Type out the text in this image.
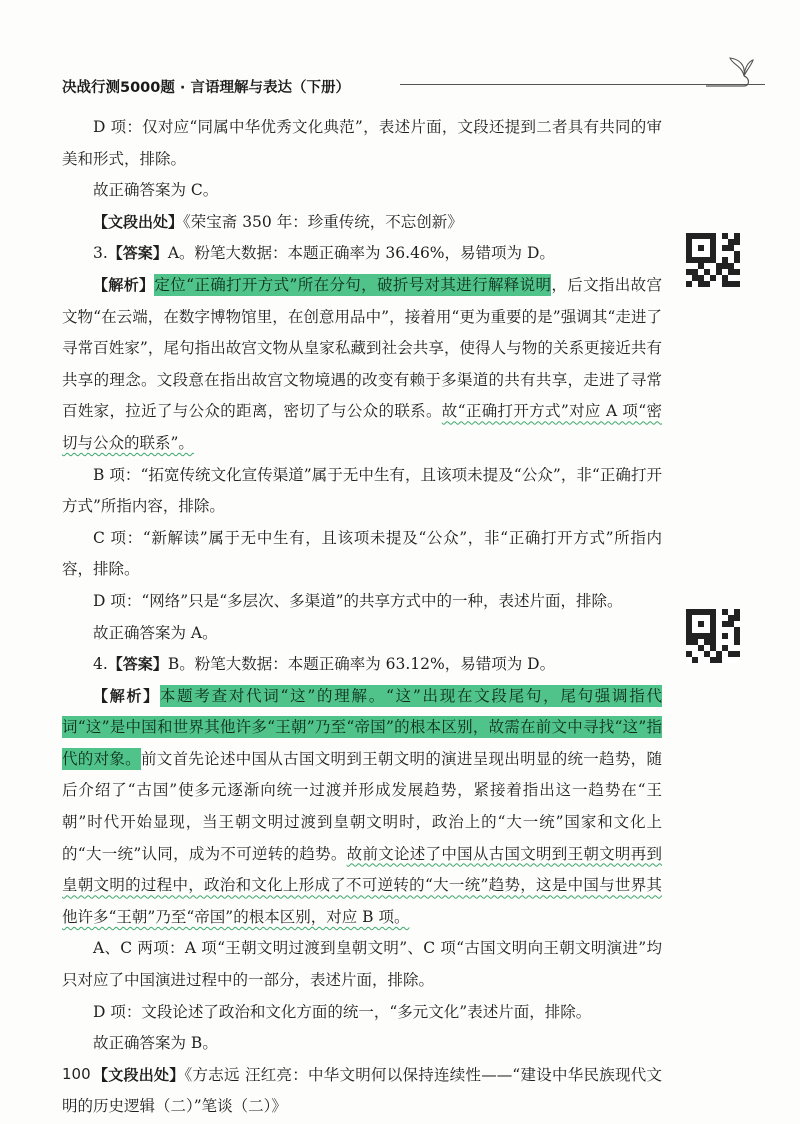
决战行测5000题 · 言语理解与表达（下册）

D 项：仅对应“同属中华优秀文化典范”，表述片面，文段还提到二者具有共同的审美和形式，排除。

故正确答案为 C。

【文段出处】《荣宝斋 350 年：珍重传统，不忘创新》

3.【答案】A。粉笔大数据：本题正确率为 36.46%，易错项为 D。

【解析】定位“正确打开方式”所在分句，破折号对其进行解释说明，后文指出故宫文物“在云端，在数字博物馆里，在创意用品中”，接着用“更为重要的是”强调其“走进了寻常百姓家”，尾句指出故宫文物从皇家私藏到社会共享，使得人与物的关系更接近共有共享的理念。文段意在指出故宫文物境遇的改变有赖于多渠道的共有共享，走进了寻常百姓家，拉近了与公众的距离，密切了与公众的联系。故“正确打开方式”对应 A 项“密切与公众的联系”。

B 项：“拓宽传统文化宣传渠道”属于无中生有，且该项未提及“公众”，非“正确打开方式”所指内容，排除。

C 项：“新解读”属于无中生有，且该项未提及“公众”，非“正确打开方式”所指内容，排除。

D 项：“网络”只是“多层次、多渠道”的共享方式中的一种，表述片面，排除。

故正确答案为 A。

4.【答案】B。粉笔大数据：本题正确率为 63.12%，易错项为 D。

【解析】本题考查对代词“这”的理解。“这”出现在文段尾句，尾句强调指代词“这”是中国和世界其他许多“王朝”乃至“帝国”的根本区别，故需在前文中寻找“这”指代的对象。前文首先论述中国从古国文明到王朝文明的演进呈现出明显的统一趋势，随后介绍了“古国”使多元逐渐向统一过渡并形成发展趋势，紧接着指出这一趋势在“王朝”时代开始显现，当王朝文明过渡到皇朝文明时，政治上的“大一统”国家和文化上的“大一统”认同，成为不可逆转的趋势。故前文论述了中国从古国文明到王朝文明再到皇朝文明的过程中，政治和文化上形成了不可逆转的“大一统”趋势，这是中国与世界其他许多“王朝”乃至“帝国”的根本区别，对应 B 项。

A、C 两项：A 项“王朝文明过渡到皇朝文明”、C 项“古国文明向王朝文明演进”均只对应了中国演进过程中的一部分，表述片面，排除。

D 项：文段论述了政治和文化方面的统一，“多元文化”表述片面，排除。

故正确答案为 B。

【文段出处】《方志远 汪红亮：中华文明何以保持连续性——“建设中华民族现代文明的历史逻辑（二）”笔谈（二）》

100
